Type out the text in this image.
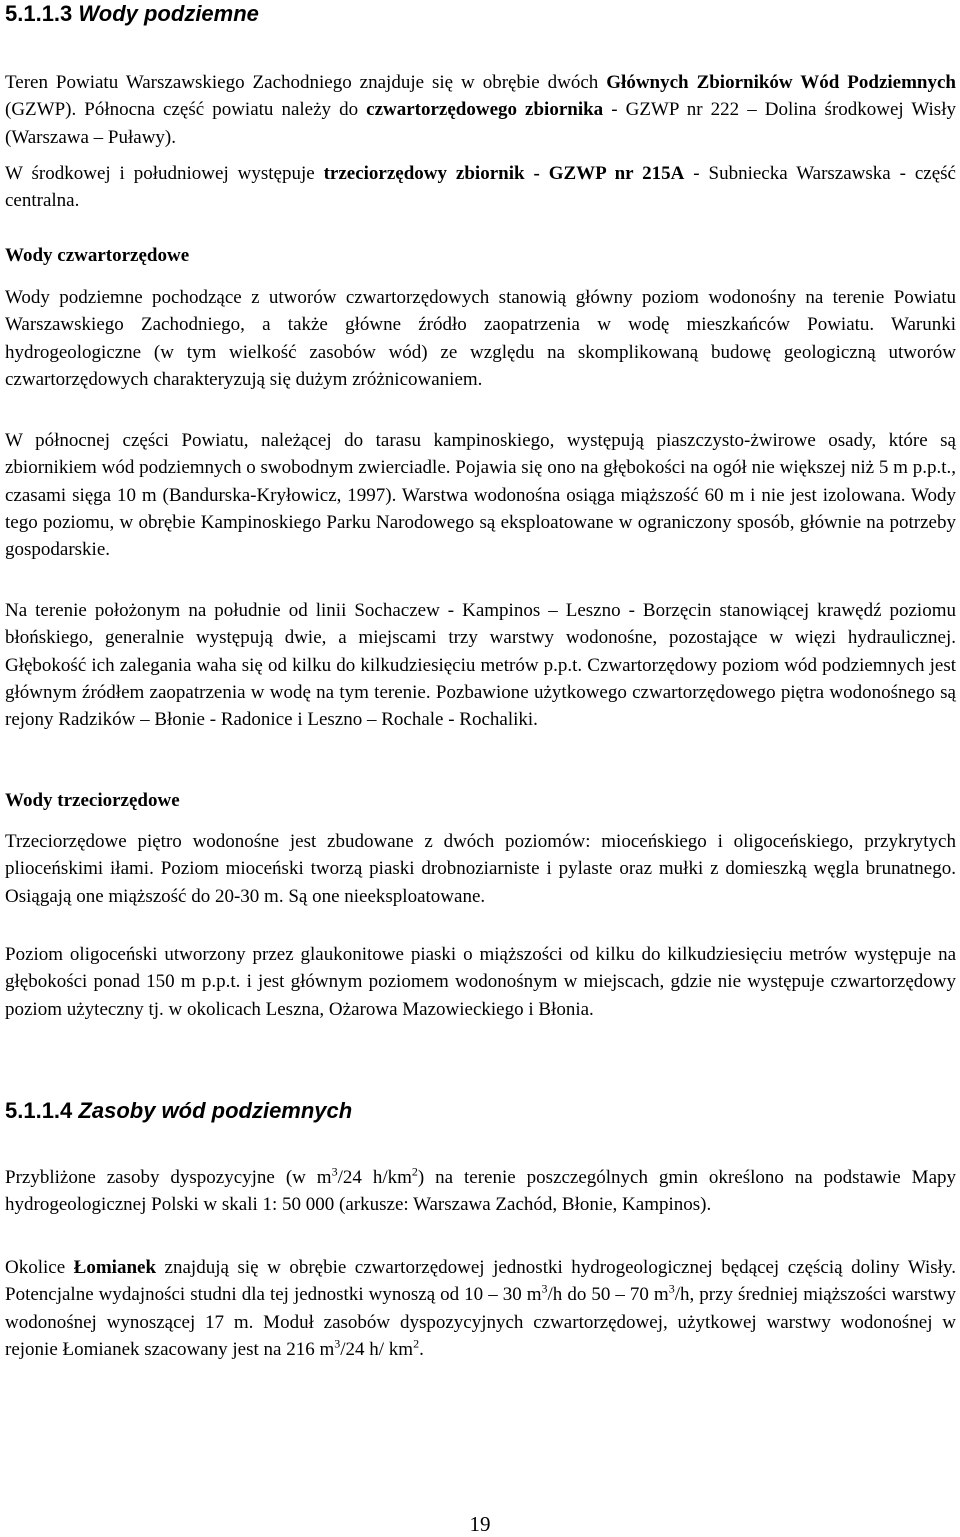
5.1.1.3 Wody podziemne

Teren Powiatu Warszawskiego Zachodniego znajduje się w obrębie dwóch Głównych Zbiorników Wód Podziemnych (GZWP). Północna część powiatu należy do czwartorzędowego zbiornika - GZWP nr 222 – Dolina środkowej Wisły (Warszawa – Puławy).

W środkowej i południowej występuje trzeciorzędowy zbiornik - GZWP nr 215A - Subniecka Warszawska - część centralna.

Wody czwartorzędowe

Wody podziemne pochodzące z utworów czwartorzędowych stanowią główny poziom wodonośny na terenie Powiatu Warszawskiego Zachodniego, a także główne źródło zaopatrzenia w wodę mieszkańców Powiatu. Warunki hydrogeologiczne (w tym wielkość zasobów wód) ze względu na skomplikowaną budowę geologiczną utworów czwartorzędowych charakteryzują się dużym zróżnicowaniem.

W północnej części Powiatu, należącej do tarasu kampinoskiego, występują piaszczysto-żwirowe osady, które są zbiornikiem wód podziemnych o swobodnym zwierciadle. Pojawia się ono na głębokości na ogół nie większej niż 5 m p.p.t., czasami sięga 10 m (Bandurska-Kryłowicz, 1997). Warstwa wodonośna osiąga miąższość 60 m i nie jest izolowana. Wody tego poziomu, w obrębie Kampinoskiego Parku Narodowego są eksploatowane w ograniczony sposób, głównie na potrzeby gospodarskie.

Na terenie położonym na południe od linii Sochaczew - Kampinos – Leszno - Borzęcin stanowiącej krawędź poziomu błońskiego, generalnie występują dwie, a miejscami trzy warstwy wodonośne, pozostające w więzi hydraulicznej. Głębokość ich zalegania waha się od kilku do kilkudziesięciu metrów p.p.t. Czwartorzędowy poziom wód podziemnych jest głównym źródłem zaopatrzenia w wodę na tym terenie. Pozbawione użytkowego czwartorzędowego piętra wodonośnego są rejony Radzików – Błonie - Radonice i Leszno – Rochale - Rochaliki.

Wody trzeciorzędowe

Trzeciorzędowe piętro wodonośne jest zbudowane z dwóch poziomów: mioceńskiego i oligoceńskiego, przykrytych plioceńskimi iłami. Poziom mioceński tworzą piaski drobnoziarniste i pylaste oraz mułki z domieszką węgla brunatnego. Osiągają one miąższość do 20-30 m. Są one nieeksploatowane.

Poziom oligoceński utworzony przez glaukonitowe piaski o miąższości od kilku do kilkudziesięciu metrów występuje na głębokości ponad 150 m p.p.t. i jest głównym poziomem wodonośnym w miejscach, gdzie nie występuje czwartorzędowy poziom użyteczny tj. w okolicach Leszna, Ożarowa Mazowieckiego i Błonia.

5.1.1.4 Zasoby wód podziemnych

Przybliżone zasoby dyspozycyjne (w $m^3/24$ $h/km^2$) na terenie poszczególnych gmin określono na podstawie Mapy hydrogeologicznej Polski w skali 1: 50 000 (arkusze: Warszawa Zachód, Błonie, Kampinos).

Okolice Łomianek znajdują się w obrębie czwartorzędowej jednostki hydrogeologicznej będącej częścią doliny Wisły. Potencjalne wydajności studni dla tej jednostki wynoszą od 10 – 30 $m^3/h$ do 50 – 70 $m^3/h$, przy średniej miąższości warstwy wodonośnej wynoszącej 17 m. Moduł zasobów dyspozycyjnych czwartorzędowej, użytkowej warstwy wodonośnej w rejonie Łomianek szacowany jest na 216 $m^3/24$ h/ $km^2$.

19
